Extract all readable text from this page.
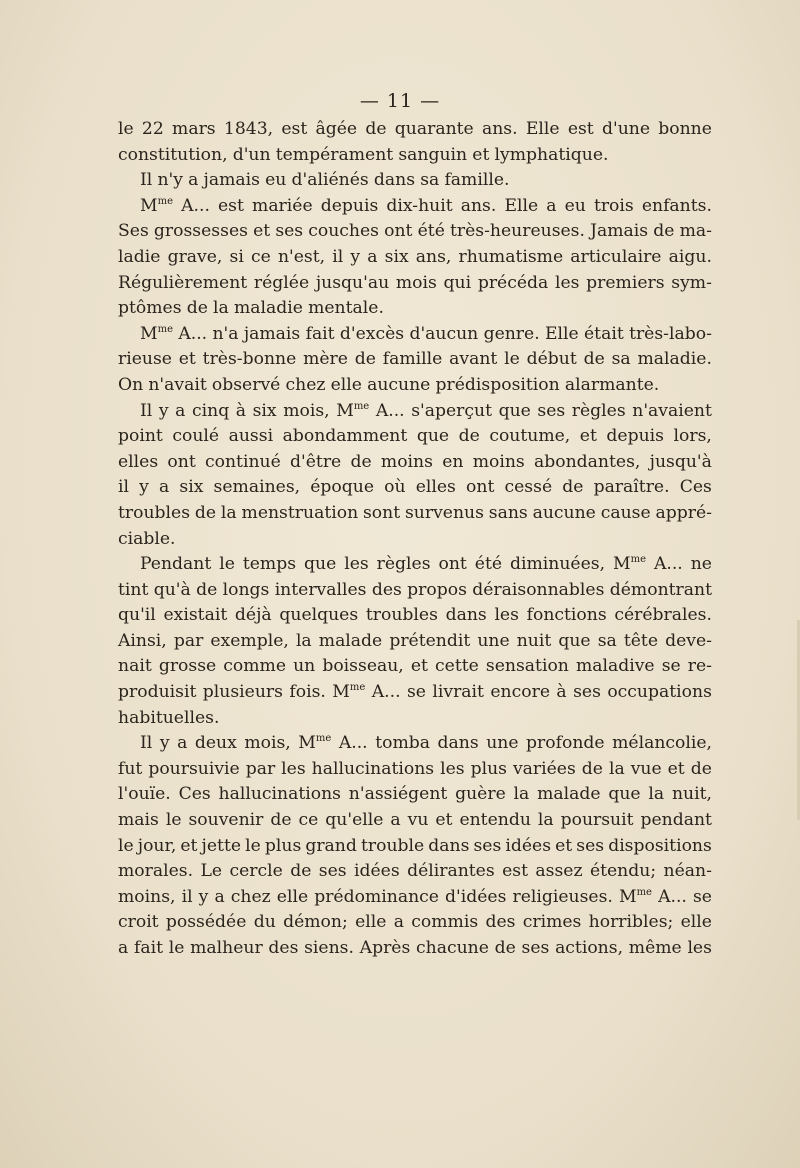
— 11 —
le 22 mars 1843, est âgée de quarante ans. Elle est d'une bonne
constitution, d'un tempérament sanguin et lymphatique.
Il n'y a jamais eu d'aliénés dans sa famille.
$M^{me}$ A... est mariée depuis dix-huit ans. Elle a eu trois enfants.
Ses grossesses et ses couches ont été très-heureuses. Jamais de ma-
ladie grave, si ce n'est, il y a six ans, rhumatisme articulaire aigu.
Régulièrement réglée jusqu'au mois qui précéda les premiers sym-
ptômes de la maladie mentale.
$M^{me}$ A... n'a jamais fait d'excès d'aucun genre. Elle était très-labo-
rieuse et très-bonne mère de famille avant le début de sa maladie.
On n'avait observé chez elle aucune prédisposition alarmante.
Il y a cinq à six mois, $M^{me}$ A... s'aperçut que ses règles n'avaient
point coulé aussi abondamment que de coutume, et depuis lors,
elles ont continué d'être de moins en moins abondantes, jusqu'à
il y a six semaines, époque où elles ont cessé de paraître. Ces
troubles de la menstruation sont survenus sans aucune cause appré-
ciable.
Pendant le temps que les règles ont été diminuées, $M^{me}$ A... ne
tint qu'à de longs intervalles des propos déraisonnables démontrant
qu'il existait déjà quelques troubles dans les fonctions cérébrales.
Ainsi, par exemple, la malade prétendit une nuit que sa tête deve-
nait grosse comme un boisseau, et cette sensation maladive se re-
produisit plusieurs fois. $M^{me}$ A... se livrait encore à ses occupations
habituelles.
Il y a deux mois, $M^{me}$ A... tomba dans une profonde mélancolie,
fut poursuivie par les hallucinations les plus variées de la vue et de
l'ouïe. Ces hallucinations n'assiégent guère la malade que la nuit,
mais le souvenir de ce qu'elle a vu et entendu la poursuit pendant
le jour, et jette le plus grand trouble dans ses idées et ses dispositions
morales. Le cercle de ses idées délirantes est assez étendu; néan-
moins, il y a chez elle prédominance d'idées religieuses. $M^{me}$ A... se
croit possédée du démon; elle a commis des crimes horribles; elle
a fait le malheur des siens. Après chacune de ses actions, même les
